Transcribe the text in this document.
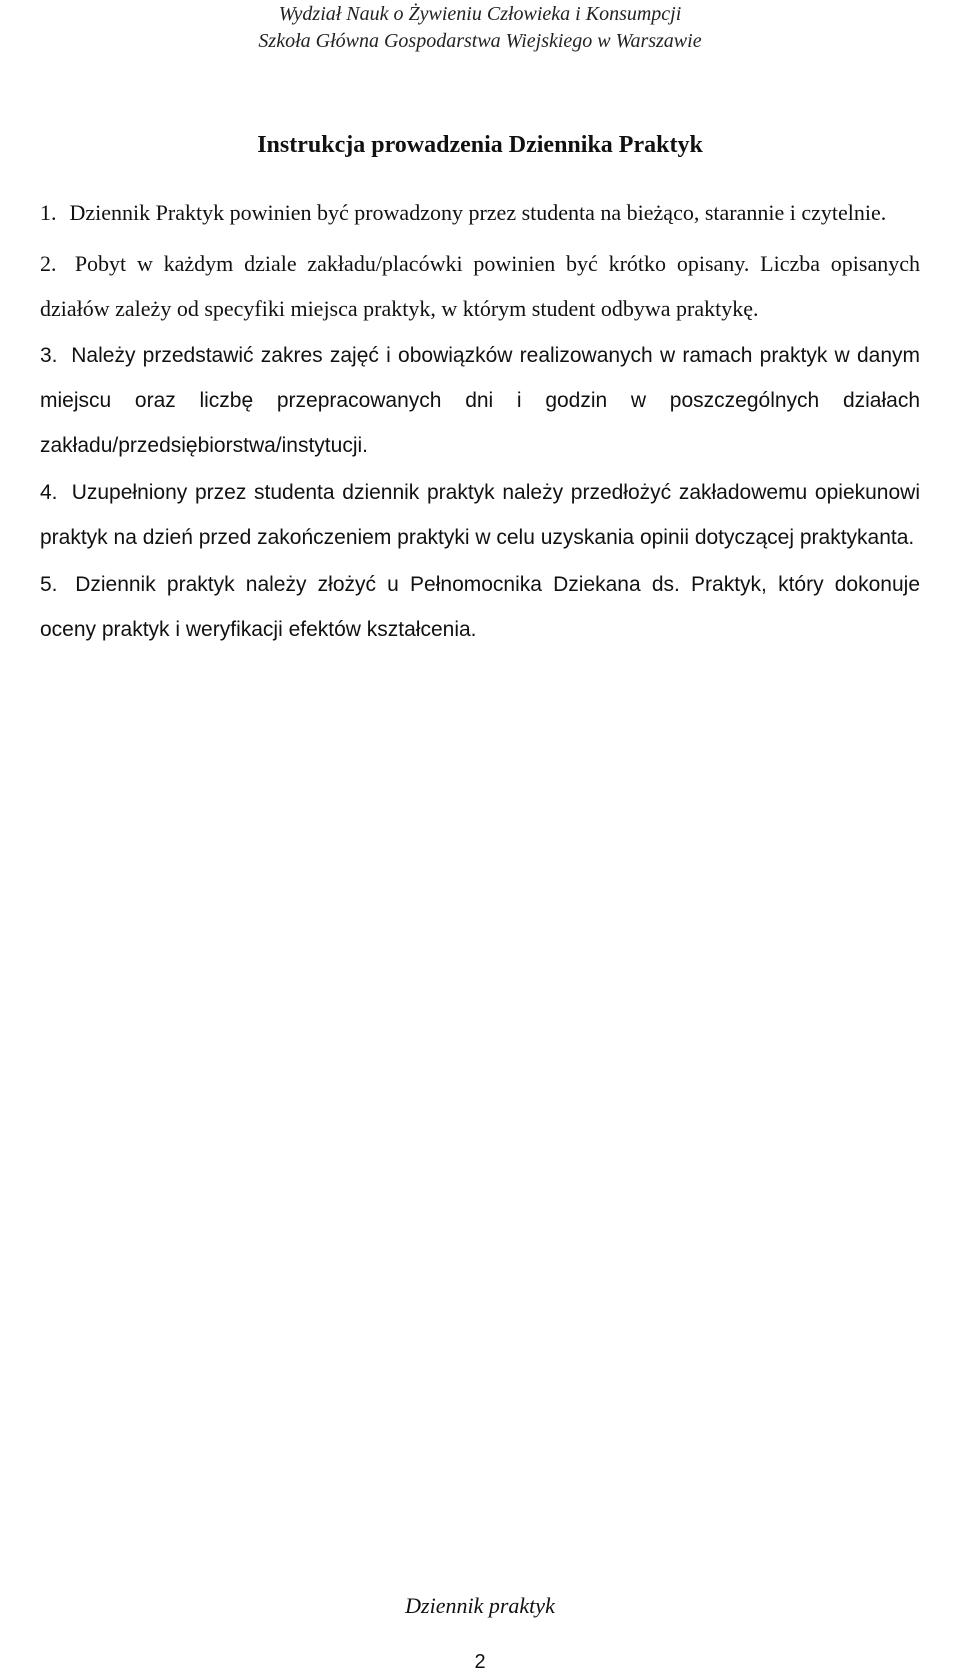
Wydział Nauk o Żywieniu Człowieka i Konsumpcji
Szkoła Główna Gospodarstwa Wiejskiego w Warszawie
Instrukcja prowadzenia Dziennika Praktyk
1. Dziennik Praktyk powinien być prowadzony przez studenta na bieżąco, starannie i czytelnie.
2. Pobyt w każdym dziale zakładu/placówki powinien być krótko opisany. Liczba opisanych działów zależy od specyfiki miejsca praktyk, w którym student odbywa praktykę.
3. Należy przedstawić zakres zajęć i obowiązków realizowanych w ramach praktyk w danym miejscu oraz liczbę przepracowanych dni i godzin w poszczególnych działach zakładu/przedsiębiorstwa/instytucji.
4. Uzupełniony przez studenta dziennik praktyk należy przedłożyć zakładowemu opiekunowi praktyk na dzień przed zakończeniem praktyki w celu uzyskania opinii dotyczącej praktykanta.
5. Dziennik praktyk należy złożyć u Pełnomocnika Dziekana ds. Praktyk, który dokonuje oceny praktyk i weryfikacji efektów kształcenia.
Dziennik praktyk
2
